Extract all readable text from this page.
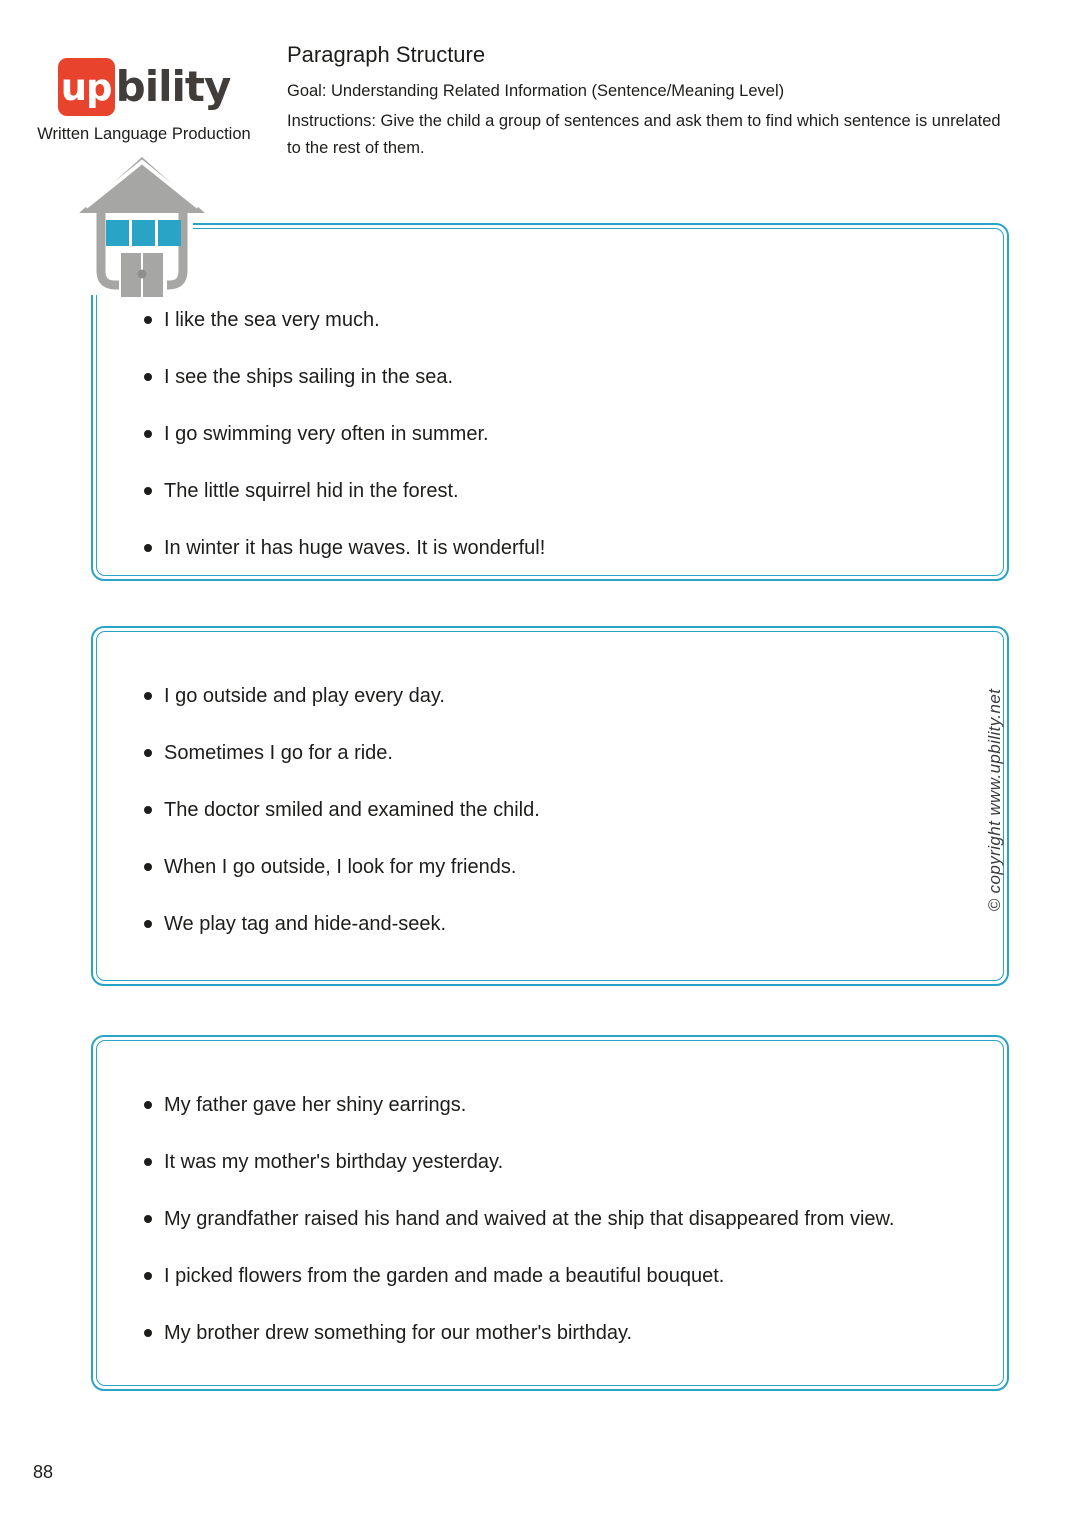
up bility
Written Language Production
Paragraph Structure

Goal: Understanding Related Information (Sentence/Meaning Level)

Instructions: Give the child a group of sentences and ask them to find which sentence is unrelated to the rest of them.

I like the sea very much.
I see the ships sailing in the sea.
I go swimming very often in summer.
The little squirrel hid in the forest.
In winter it has huge waves. It is wonderful!
I go outside and play every day.
Sometimes I go for a ride.
The doctor smiled and examined the child.
When I go outside, I look for my friends.
We play tag and hide-and-seek.
My father gave her shiny earrings.
It was my mother's birthday yesterday.
My grandfather raised his hand and waived at the ship that disappeared from view.
I picked flowers from the garden and made a beautiful bouquet.
My brother drew something for our mother's birthday.
© copyright www.upbility.net
88
